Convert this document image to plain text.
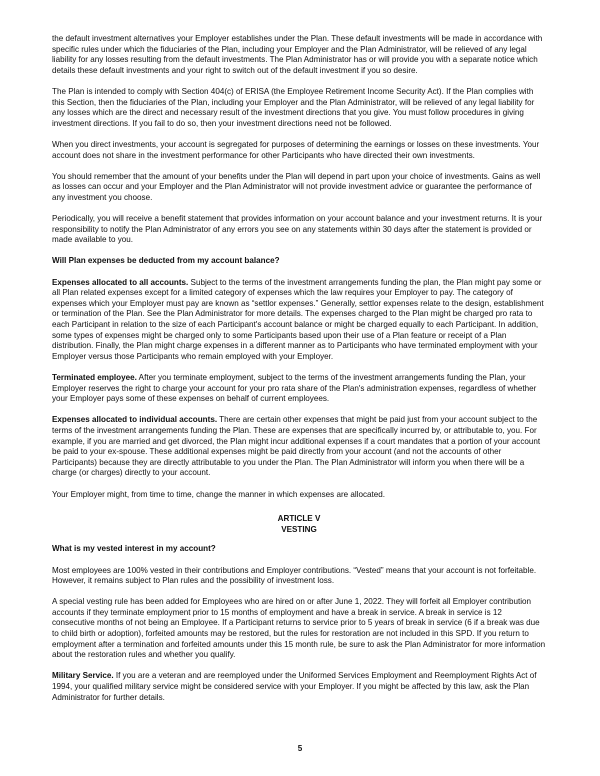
the default investment alternatives your Employer establishes under the Plan. These default investments will be made in accordance with specific rules under which the fiduciaries of the Plan, including your Employer and the Plan Administrator, will be relieved of any legal liability for any losses resulting from the default investments. The Plan Administrator has or will provide you with a separate notice which details these default investments and your right to switch out of the default investment if you so desire.

The Plan is intended to comply with Section 404(c) of ERISA (the Employee Retirement Income Security Act). If the Plan complies with this Section, then the fiduciaries of the Plan, including your Employer and the Plan Administrator, will be relieved of any legal liability for any losses which are the direct and necessary result of the investment directions that you give. You must follow procedures in giving investment directions. If you fail to do so, then your investment directions need not be followed.

When you direct investments, your account is segregated for purposes of determining the earnings or losses on these investments. Your account does not share in the investment performance for other Participants who have directed their own investments.

You should remember that the amount of your benefits under the Plan will depend in part upon your choice of investments. Gains as well as losses can occur and your Employer and the Plan Administrator will not provide investment advice or guarantee the performance of any investment you choose.

Periodically, you will receive a benefit statement that provides information on your account balance and your investment returns. It is your responsibility to notify the Plan Administrator of any errors you see on any statements within 30 days after the statement is provided or made available to you.

Will Plan expenses be deducted from my account balance?

Expenses allocated to all accounts. Subject to the terms of the investment arrangements funding the plan, the Plan might pay some or all Plan related expenses except for a limited category of expenses which the law requires your Employer to pay. The category of expenses which your Employer must pay are known as “settlor expenses.” Generally, settlor expenses relate to the design, establishment or termination of the Plan. See the Plan Administrator for more details. The expenses charged to the Plan might be charged pro rata to each Participant in relation to the size of each Participant's account balance or might be charged equally to each Participant. In addition, some types of expenses might be charged only to some Participants based upon their use of a Plan feature or receipt of a Plan distribution. Finally, the Plan might charge expenses in a different manner as to Participants who have terminated employment with your Employer versus those Participants who remain employed with your Employer.

Terminated employee. After you terminate employment, subject to the terms of the investment arrangements funding the Plan, your Employer reserves the right to charge your account for your pro rata share of the Plan's administration expenses, regardless of whether your Employer pays some of these expenses on behalf of current employees.

Expenses allocated to individual accounts. There are certain other expenses that might be paid just from your account subject to the terms of the investment arrangements funding the Plan. These are expenses that are specifically incurred by, or attributable to, you. For example, if you are married and get divorced, the Plan might incur additional expenses if a court mandates that a portion of your account be paid to your ex-spouse. These additional expenses might be paid directly from your account (and not the accounts of other Participants) because they are directly attributable to you under the Plan. The Plan Administrator will inform you when there will be a charge (or charges) directly to your account.

Your Employer might, from time to time, change the manner in which expenses are allocated.

ARTICLE V
VESTING

What is my vested interest in my account?

Most employees are 100% vested in their contributions and Employer contributions. “Vested” means that your account is not forfeitable. However, it remains subject to Plan rules and the possibility of investment loss.

A special vesting rule has been added for Employees who are hired on or after June 1, 2022. They will forfeit all Employer contribution accounts if they terminate employment prior to 15 months of employment and have a break in service. A break in service is 12 consecutive months of not being an Employee. If a Participant returns to service prior to 5 years of break in service (6 if a break was due to child birth or adoption), forfeited amounts may be restored, but the rules for restoration are not included in this SPD. If you return to employment after a termination and forfeited amounts under this 15 month rule, be sure to ask the Plan Administrator for more information about the restoration rules and whether you qualify.

Military Service. If you are a veteran and are reemployed under the Uniformed Services Employment and Reemployment Rights Act of 1994, your qualified military service might be considered service with your Employer. If you might be affected by this law, ask the Plan Administrator for further details.

5
